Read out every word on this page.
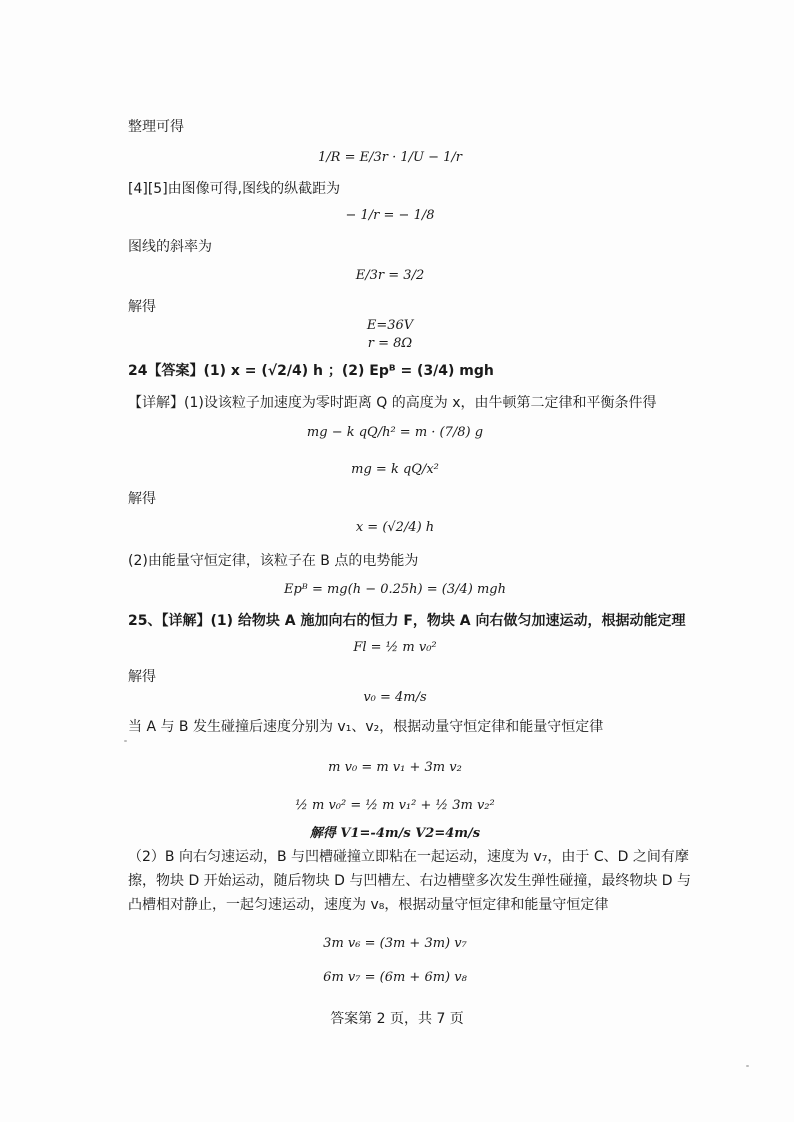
整理可得
1/R = E/3r · 1/U − 1/r
[4][5]由图像可得,图线的纵截距为
− 1/r = − 1/8
图线的斜率为
E/3r = 3/2
解得
E=36V
r = 8Ω
24【答案】(1) x = (√2/4) h ；(2) Epᴮ = (3/4) mgh
【详解】(1)设该粒子加速度为零时距离 Q 的高度为 x，由牛顿第二定律和平衡条件得
mg − k qQ/h² = m · (7/8) g
mg = k qQ/x²
解得
x = (√2/4) h
(2)由能量守恒定律，该粒子在 B 点的电势能为
Epᴮ = mg(h − 0.25h) = (3/4) mgh
25、【详解】(1) 给物块 A 施加向右的恒力 F，物块 A 向右做匀加速运动，根据动能定理
Fl = ½ m v₀²
解得
v₀ = 4m/s
当 A 与 B 发生碰撞后速度分别为 v₁、v₂，根据动量守恒定律和能量守恒定律
m v₀ = m v₁ + 3m v₂
½ m v₀² = ½ m v₁² + ½ 3m v₂²
解得 V1=-4m/s V2=4m/s
（2）B 向右匀速运动，B 与凹槽碰撞立即粘在一起运动，速度为 v₇，由于 C、D 之间有摩
擦，物块 D 开始运动，随后物块 D 与凹槽左、右边槽壁多次发生弹性碰撞，最终物块 D 与
凸槽相对静止，一起匀速运动，速度为 v₈，根据动量守恒定律和能量守恒定律
3m v₆ = (3m + 3m) v₇
6m v₇ = (6m + 6m) v₈
答案第 2 页，共 7 页
